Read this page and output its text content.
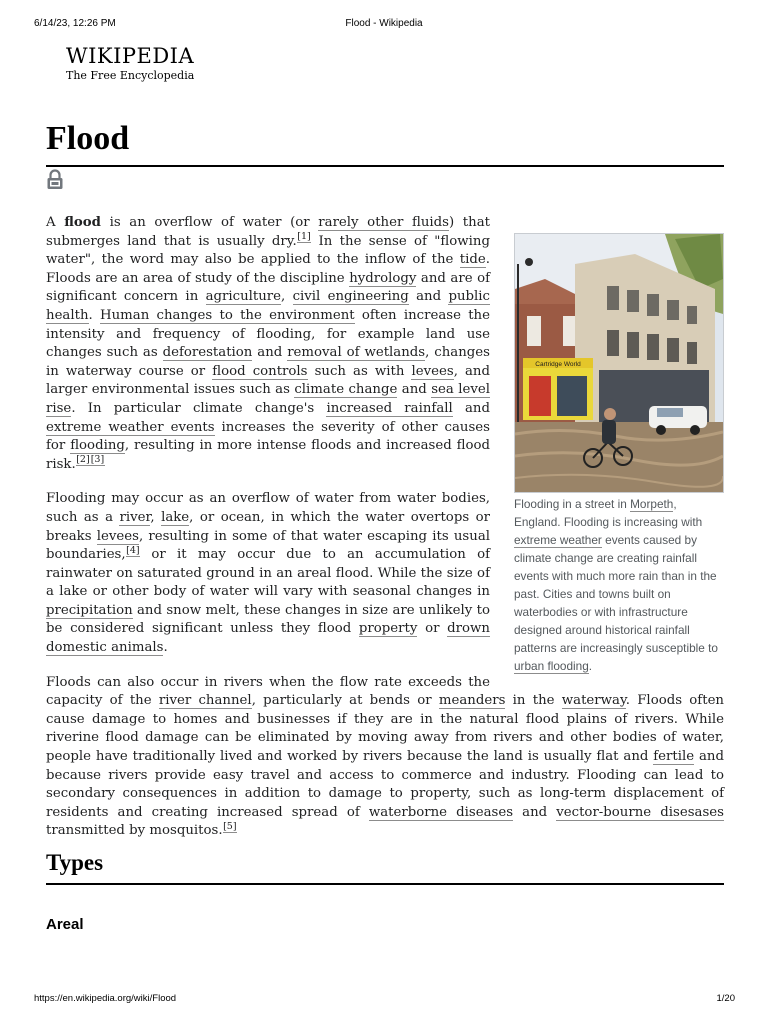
6/14/23, 12:26 PM	Flood - Wikipedia
WIKIPEDIA
The Free Encyclopedia
Flood
Cartridge World
Flooding in a street in Morpeth, England. Flooding is increasing with extreme weather events caused by climate change are creating rainfall events with much more rain than in the past. Cities and towns built on waterbodies or with infrastructure designed around historical rainfall patterns are increasingly susceptible to urban flooding.

A flood is an overflow of water (or rarely other fluids) that submerges land that is usually dry.[1] In the sense of "flowing water", the word may also be applied to the inflow of the tide. Floods are an area of study of the discipline hydrology and are of significant concern in agriculture, civil engineering and public health. Human changes to the environment often increase the intensity and frequency of flooding, for example land use changes such as deforestation and removal of wetlands, changes in waterway course or flood controls such as with levees, and larger environmental issues such as climate change and sea level rise. In particular climate change's increased rainfall and extreme weather events increases the severity of other causes for flooding, resulting in more intense floods and increased flood risk.[2][3]

Flooding may occur as an overflow of water from water bodies, such as a river, lake, or ocean, in which the water overtops or breaks levees, resulting in some of that water escaping its usual boundaries,[4] or it may occur due to an accumulation of rainwater on saturated ground in an areal flood. While the size of a lake or other body of water will vary with seasonal changes in precipitation and snow melt, these changes in size are unlikely to be considered significant unless they flood property or drown domestic animals.

Floods can also occur in rivers when the flow rate exceeds the capacity of the river channel, particularly at bends or meanders in the waterway. Floods often cause damage to homes and businesses if they are in the natural flood plains of rivers. While riverine flood damage can be eliminated by moving away from rivers and other bodies of water, people have traditionally lived and worked by rivers because the land is usually flat and fertile and because rivers provide easy travel and access to commerce and industry. Flooding can lead to secondary consequences in addition to damage to property, such as long-term displacement of residents and creating increased spread of waterborne diseases and vector-bourne disesases transmitted by mosquitos.[5]

Types
Areal
https://en.wikipedia.org/wiki/Flood	1/20
